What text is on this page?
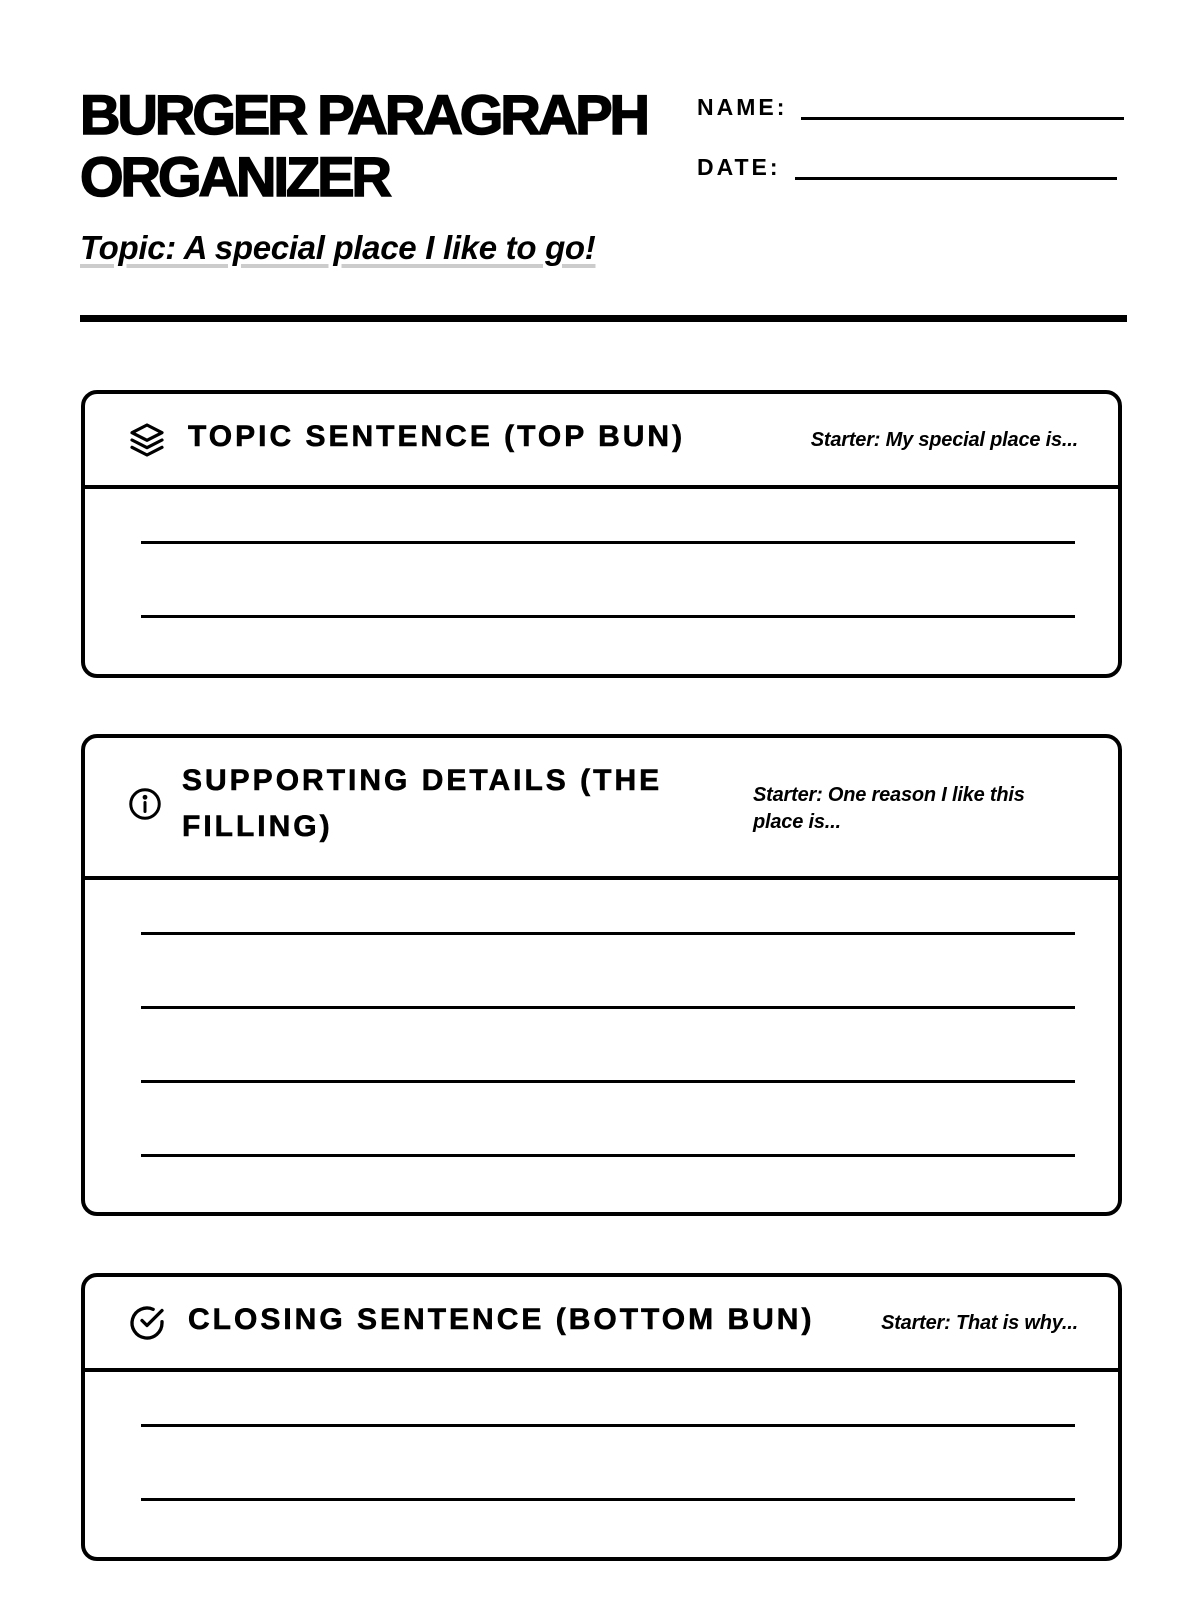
BURGER PARAGRAPH
ORGANIZER
NAME:
DATE:

Topic: A special place I like to go!

TOPIC SENTENCE (TOP BUN)	Starter: My special place is...

SUPPORTING DETAILS (THE FILLING)

Starter: One reason I like this place is...

CLOSING SENTENCE (BOTTOM BUN)	Starter: That is why...
